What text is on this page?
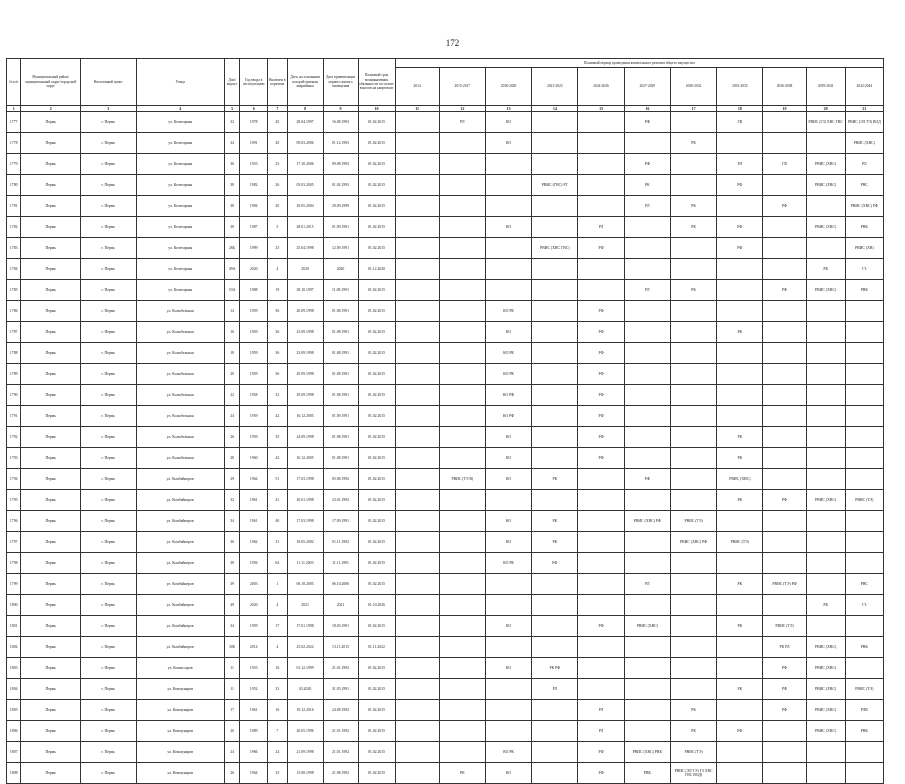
172
№ п/п	Муниципальный район/муниципальный округ/городской округ	Населенный пункт	Улица	Дом/корпус	Год ввода в эксплуатацию	Включен в перечень	Дата, на основании которой признан аварийным	Дата приватизации первого жилого помещения	Плановый срок возникновения обязанности по оплате взносов на капремонт	Плановый период проведения капитального ремонта общего имущества										
										2014	2015-2017	2018-2020	2021-2023	2024-2026	2027-2029	2030-2032	2033-2035	2036-2038	2039-2041	2042-2044
1	2	3	4	5	6	7	8	9	10	11	12	13	14	15	16	17	18	19	20	21
1777	Пермь	г. Пермь	ул. Кочегарная	32	1978	20	28.04.1997	16.08.1993	01.02.2015		РЛ	КО			РФ		ГВ		РВИС (ГЗ) ХВС ГВС	РВИС (ЭЛ ТЭ) ВОД
1778	Пермь	г. Пермь	ул. Кочегарная	34	1991	20	09.03.2006	01.12.1993	01.02.2015			КО				РК				РВИС (ХВС)
1779	Пермь	г. Пермь	ул. Кочегарная	36	1953	23	17.10.2006	09.08.1993	01.02.2015						РФ		РЛ	ГВ	РВИС (ХВС)	РЛ
1780	Пермь	г. Пермь	ул. Кочегарная	38	1982	26	03.03.2005	01.02.1993	01.02.2015				РВИС (ГВС) РТ		РК		РФ		РВИС (ХВС)	РВС
1781	Пермь	г. Пермь	ул. Кочегарная	38	1994	20	29.05.2004	29.09.1999	01.02.2015						РЛ	РК		РФ		РВИС (ХВС) РФ
1782	Пермь	г. Пермь	ул. Кочегарная	38	1987	5	28.01.2015	01.09.1991	01.02.2015			КО		РЛ		РК	РФ		РВИС (ХВС)	РВК
1783	Пермь	г. Пермь	ул. Кочегарная	26Б	1999	25	25.04.1998	12.09.1991	01.02.2015				РВИС (ХВС ГВС)	РФ			РФ			РВИС (ХВ)
1784	Пермь	г. Пермь	ул. Кочегарная	49А	2020	4	2020	2020	01.12.2020										РК	ГЗ
1785	Пермь	г. Пермь	ул. Кочегарная	53А	1988	19	28.10.1997	11.08.1991	01.02.2015						РЛ	РК		РФ	РВИС (ХВС)	РВК
1786	Пермь	г. Пермь	ул. Колыбельная	14	1959	36	20.09.1998	01.08.1991	01.02.2015			КО РК		РФ						
1787	Пермь	г. Пермь	ул. Колыбельная	16	1959	36	23.09.1998	01.08.1991	01.02.2015			КО		РФ			РК			
1788	Пермь	г. Пермь	ул. Колыбельная	18	1959	36	23.09.1998	01.08.1991	01.02.2015			КО РК		РФ						
1789	Пермь	г. Пермь	ул. Колыбельная	20	1959	36	29.09.1998	01.08.1991	01.02.2015			КО РК		РФ						
1790	Пермь	г. Пермь	ул. Колыбельная	22	1958	32	29.09.1998	01.08.1991	01.02.2015			КО РФ		РФ						
1791	Пермь	г. Пермь	ул. Колыбельная	24	1959	42	16.12.2005	01.09.1991	01.02.2015			КО РФ		РФ						
1792	Пермь	г. Пермь	ул. Колыбельная	26	1959	35	24.09.1998	01.08.1991	01.02.2015			КО		РФ			РК			
1793	Пермь	г. Пермь	ул. Колыбельная	28	1960	42	16.12.2005	01.08.1991	01.02.2015			КО		РФ			РК			
1794	Пермь	г. Пермь	ул. Комбайнеров	29	1962	51	17.03.1998	05.08.1992	01.02.2015		РВИС (ТЭ В)	КО	РК		РФ		РВИС (ХВС)			
1795	Пермь	г. Пермь	ул. Комбайнеров	32	1961	41	20.01.1998	23.01.1992	01.02.2015								РК	РФ	РВИС (ХВС)	РВИС (ТЭ)
1796	Пермь	г. Пермь	ул. Комбайнеров	34	1961	40	17.03.1998	17.09.1991	01.02.2015			КО	РК		РВИС (ХВС) РФ	РВИС (ТЭ)				
1797	Пермь	г. Пермь	ул. Комбайнеров	36	1962	31	18.05.2002	01.11.1992	01.02.2015			КО	РК			РВИС (ХВС) РФ	РВИС (ТЭ)			
1798	Пермь	г. Пермь	ул. Комбайнеров	38	1956	64	11.11.2003	11.11.1991	01.02.2015			КО РК	РФ							
1799	Пермь	г. Пермь	ул. Комбайнеров	39	2003	1	06.10.2005	06.10.2006	01.02.2015						РЛ		РК	РВИС (ТЭ) РФ		РВС
1800	Пермь	г. Пермь	ул. Комбайнеров	49	2020	4	2021	2021	01.10.2026										РК	ГЗ
1801	Пермь	г. Пермь	ул. Комбайнеров	34	1959	17	17.01.1998	18.03.1991	01.02.2015			КО		РФ	РВИС (ХВС)		РК	РВИС (ТЭ)		
1802	Пермь	г. Пермь	ул. Комбайнеров	30Б	2014	4	25.02.2022	13.11.2015	01.11.2022									РК РЛ	РВИС (ХВС)	РВК
1803	Пермь	г. Пермь	ул. Комиссаров	11	1953	16	01.12.1999	21.01.1992	01.02.2015			КО	РК РФ					РФ	РВИС (ХВС)	
1804	Пермь	г. Пермь	ул. Коммунаров	11	1952	33	03.2020	31.05.1991	01.02.2015				РЛ				РК	РФ	РВИС (ХВС)	РВИС (ТЭ)
1805	Пермь	г. Пермь	ул. Коммунаров	17	1961	16	19.12.2016	24.08.1992	01.02.2015					РЛ		РК		РФ	РВИС (ХВС)	РЛВ
1806	Пермь	г. Пермь	ул. Коммунаров	20	1989	7	20.05.1996	21.01.1992	01.02.2015					РЛ		РК	РФ		РВИС (ХВС)	РВК
1807	Пермь	г. Пермь	ул. Коммунаров	24	1966	24	21.09.1998	21.01.1992	01.02.2015			КО РК		РФ	РВИС (ХВС) РВК	РВИС (ТЭ)				
1808	Пермь	г. Пермь	ул. Коммунаров	26	1964	33	15.08.1998	21.08.1992	01.02.2015		РК	КО		РФ	РВК	РВИС (ЭЛ ТЭ) ГЗ ХВС ГВС ВОД)				
